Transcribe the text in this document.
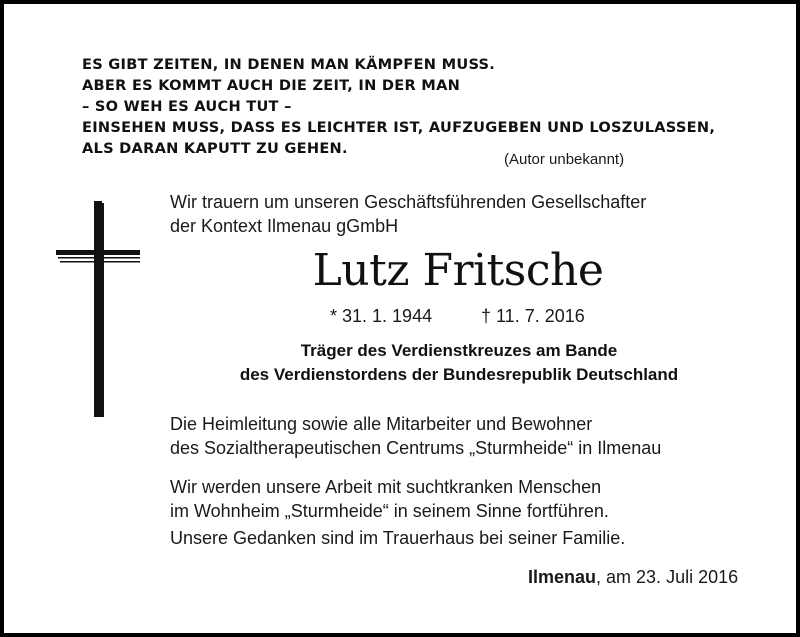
ES GIBT ZEITEN, IN DENEN MAN KÄMPFEN MUSS.
ABER ES KOMMT AUCH DIE ZEIT, IN DER MAN
– SO WEH ES AUCH TUT –
EINSEHEN MUSS, DASS ES LEICHTER IST, AUFZUGEBEN UND LOSZULASSEN,
ALS DARAN KAPUTT ZU GEHEN.
(Autor unbekannt)
Wir trauern um unseren Geschäftsführenden Gesellschafter
der Kontext Ilmenau gGmbH
Lutz Fritsche
* 31. 1. 1944	† 11. 7. 2016
Träger des Verdienstkreuzes am Bande
des Verdienstordens der Bundesrepublik Deutschland
Die Heimleitung sowie alle Mitarbeiter und Bewohner
des Sozialtherapeutischen Centrums „Sturmheide“ in Ilmenau
Wir werden unsere Arbeit mit suchtkranken Menschen
im Wohnheim „Sturmheide“ in seinem Sinne fortführen.
Unsere Gedanken sind im Trauerhaus bei seiner Familie.
Ilmenau, am 23. Juli 2016
